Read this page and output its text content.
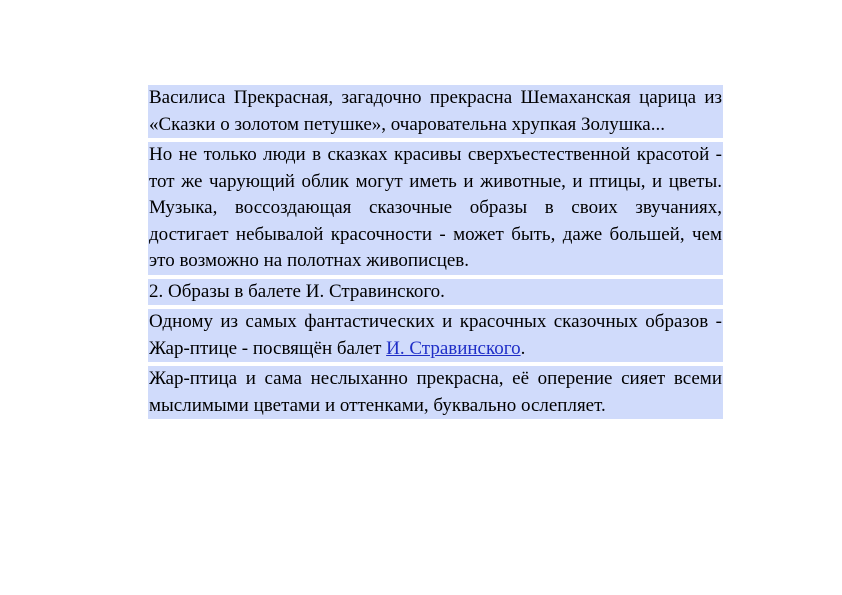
Василиса Прекрасная, загадочно прекрасна Шемаханская царица из «Сказки о золотом петушке», очаровательна хрупкая Золушка...

Но не только люди в сказках красивы сверхъестественной красотой - тот же чарующий облик могут иметь и животные, и птицы, и цветы. Музыка, воссоздающая сказочные образы в своих звучаниях, достигает небывалой красочности - может быть, даже большей, чем это возможно на полотнах живописцев.

2. Образы в балете И. Стравинского.

Одному из самых фантастических и красочных сказочных образов - Жар-птице - посвящён балет И. Стравинского.

Жар-птица и сама неслыханно прекрасна, её оперение сияет всеми мыслимыми цветами и оттенками, буквально ослепляет.
